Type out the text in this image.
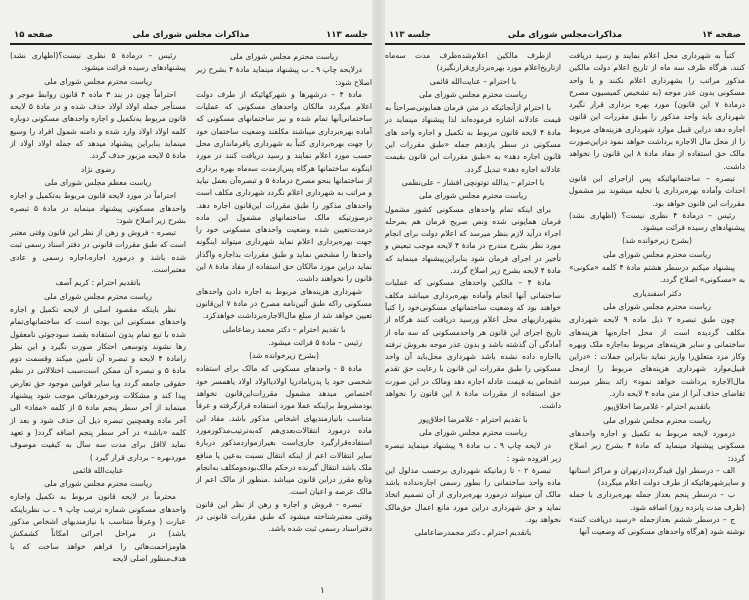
جلسه ۱۱۳
مذاکرات مجلس شورای ملی
صفحه ۱۵

ریاست محترم مجلس شورای ملی

درلایحه چاپ ۹ ـ ب پیشنهاد مینماید مادهٔ ۴ بشرح زیر اصلاح شود:

مادهٔ ۴ – درشهرها و شهرکهائیکه از طرف دولت اعلام میگردد مالکان واحدهای مسکونی که عملیات ساختمانی‌آنها تمام شده و نیز ساختمانهای مسکونی که آماده بهره‌برداری میباشند مکلفند وضعیت ساختمان خود را جهت بهره‌برداری کتباً به شهرداری یافرمانداری محل حسب مورد اعلام نمایند و رسید دریافت کنند در مورد اینگونه ساختمانها هرگاه پس‌ازمدت سه‌ماه بهره برداری از ساختمانها بنحو مصرح درمادهٔ ۵ و تبصره‌آن بعمل نیاید و مراتب به شهرداری اعلام نگردد شهرداری مکلف است واحدهای مذکور را طبق مقررات این‌قانون اجاره دهد. درصورتیکه مالک ساختمانهای مشمول این ماده درمدت‌تعیین شده وضعیت واحدهای مسکونی خود را جهت بهره‌برداری اعلام نماید شهرداری میتواند اینگونه واحدها را مشخص نماید و طبق مقررات بداجاره واگذار نماید دراین مورد مالکان حق استفاده از مفاد مادهٔ ۸ این قانون را نخواهند داشت.

شهرداری هزینه‌های مربوط به اجاره دادن واحدهای مسکونی راکه طبق آئین‌نامه مصرح در مادهٔ ۷ این‌قانون تعیین خواهد شد از مبلغ مال‌الاجاره‌برداشت خواهدکرد.

با تقدیم احترام – دکتر محمد رضاعاملی

رئیس – مادهٔ ۵ قرائت میشود.

(بشرح زیرخوانده شد)

مادهٔ ۵ - واحدهای مسکونی که مالک برای استفاده شخصی خود یا پدریامادریا اولادیااولاد اولاد یاهمسر خود اختصاص میدهد مشمول مقررات‌این‌قانون نخواهد بودمشروط براینکه عملا مورد استفاده قرارگرفته و عرفاً متناسب بانیازمندیهای اشخاص مذکور باشد. مفاد این ماده درمورد انتقالات‌بعدی‌هم که‌به‌ترتیب‌مذکورمورد استفاده‌قرارگیرد جاری‌است بغیرازمواردمذکور دربارهٔ سایر انتقالات اعم از اینکه انتقال نسبت به‌عین یا منافع ملک باشد انتقال گیرنده درحکم مالک‌بوده‌ومکلف به‌انجام وتابع مقرر دراین قانون میباشد .منظور از مالک اعم از مالک عرصه و اعیان است.

تبصره - فروش و اجاره و رهن از نظر این قانون وقتی معتبرشناخته میشود که طبق مقررات قانونی در دفتراسناد رسمی ثبت شده باشد.

رئیس – درمادهٔ ۵ نظری نیست؟(اظهاری نشد) پیشنهادهای رسیده قرائت میشود.

ریاست محترم مجلس شورای ملی

احتراماً چون در بند ۳ ماده ۴ قانون روابط موجر و مستأجر جمله اولاد اولاد حذف شده و در مادهٔ ۵ لایحه قانون مربوط به‌تکمیل و اجاره واحدهای مسکونی دوباره کلمه اولاد اولاد وارد شده و دامنه شمول افراد را وسیع مینماید بنابراین پیشنهاد میدهد که جمله اولاد اولاد از مادهٔ ۵ لایحه مزبور حذف گردد.

رضوی نژاد

ریاست معظم مجلس شورای ملی

احتراماً در مورد لایحه قانون مربوط به‌تکمیل و اجاره واحدهای مسکونی پیشنهاد مینماید در مادهٔ ۵ تبصره بشرح زیر اصلاح شود:

تبصره - فروش و رهن از نظر این قانون وقتی معتبر است که طبق مقررات قانونی در دفتر اسناد رسمی ثبت شده باشد و درمورد اجاره،اجاره رسمی و عادی معتبراست.

باتقدیم احترام : کریم آصف

ریاست محترم مجلس شورای ملی

نظر باینکه مقصود اصلی از لایحه تکمیل و اجاره واحدهای مسکونی این بوده است که ساختمانهای‌تمام شده با تبع تمام بدون استفاده بقصد سودجوئی نامعقول رها نشوند وتوسعی احتکار صورت نگیرد و این نظر رامادهٔ ۴ لایحه و تبصره آن تأمین میکند وقسمت دوم مادهٔ ۵ و تبصره آن ممکن است‌سبب اختلالاتی در نظم حقوقی جامعه گردد ویا سایر قوانین موجود حق تعارض پیدا کند و مشکلات وبرخوردهائی موجب شود پیشنهاد مینماید از آخر سطر پنجم مادهٔ ۵ از کلمه «مفاد» الی آخر ماده وهمچنین تبصره ذیل آن حذف شود و بعد از کلمه «باشد» در آخر سطر پنجم اضافه گردد( و تعهد نماید لااقل برای مدت سه سال به کیفیت موصوف موردبهره – برداری قرار گیرد )

عنایت‌الله قائمی

ریاست محترم مجلس شورای ملی

محترماً در لایحه قانون مربوط به تکمیل واجاره واحدهای مسکونی شماره ترتیب چاپ ۹ ـ ب نظرباینکه عبارت ( وعرفاً متناسب با نیازمندیهای اشخاص مذکور باشد) در مراحل اجرائی امکاناً کشمکش هاومزاحمت‌هائی را فراهم خواهد ساخت که با هدف‌منظور اصلی لایحه

۱
صفحه ۱۴
مذاکرات‌مجلس شورای ملی
جلسه ۱۱۳

کتباً به شهرداری محل اعلام نمایند و رسید دریافت کنند، هرگاه ظرف سه ماه از تاریخ اعلام دولت مالکین مذکور مراتب را بشهرداری اعلام نکنند و یا واحد مسکونی بدون عذر موجه (به تشخیص کمیسیون مصرح درمادهٔ ۷ این قانون) مورد بهره برداری قرار نگیرد شهرداری باید واحد مذکور را طبق مقررات این قانون اجاره دهد دراین قبیل موارد شهرداری هزینه‌های مربوط را از محل مال الاجاره برداشت خواهد نمود دراین‌صورت مالک حق استفاده از مفاد مادهٔ ۸ این قانون را نخواهد داشت.

تبصره – ساختمانهائیکه پس ازاجرای این قانون احداث وآماده بهره‌برداری یا تخلیه میشوند نیز مشمول مقررات این قانون خواهد بود.

رئیس – درمادهٔ ۴ نظری نیست؟ (اظهاری نشد) پیشنهادهای رسیده قرائت میشود.

(بشرح زیرخوانده شد)

ریاست محترم مجلس شورای ملی

پیشنهاد میکنم درسطر هشتم مادهٔ ۴ کلمه «مکونی» به «مسکونی» اصلاح گردد.

دکتر اسفندیاری

ریاست محترم مجلس شورای ملی

چون طبق تبصره ۲ ذیل ماده ۹ لایحه شهرداری مکلف گردیده است از محل اجاره‌بها هزینه‌های ساختمانی و سایر هزینه‌های مربوط به‌اجاره ملک وبهره وکار مزد متعلق‌را واریز نماید بنابراین جملات : «دراین قبیل‌موارد شهرداری هزینه‌های مربوط را ازمحل مال‌الاجاره برداشت خواهد نمود» زائد بنظر میرسد تقاضای حذف آنرا از متن ماده ۴ لایحه دارد.

باتقدیم احترام - غلامرضا اخلاق‌پور

ریاست محترم مجلس شورای ملی

درمورد لایحه مربوط به تکمیل و اجاره واحدهای مسکونی پیشنهاد مینماید که مادهٔ ۴ بشرح زیر اصلاح گردد:

الف – درسطر اول قیدگردد(درتهران و مراکز استانها و سایرشهرهائیکه از طرف دولت اعلام میگردد)

ب – درسطر پنجم بعداز جمله بهره‌برداری با جمله (ظرف مدت پانزده روز) اضافه شود.

ج – درسطر ششم بعدازجمله «رسید دریافت کنند» نوشته شود (هرگاه واحدهای مسکونی که وضعیت آنها

ازطرف مالکین اعلام‌شده‌ظرف مدت سه‌ماه ازتاریخ‌اعلام مورد بهره‌برداری‌قرارنگیرد)

با احترام – عنایت‌الله قائمی

ریاست محترم مجلس شورای ملی

با احترام ازآنجائیکه در متن فرمان همایونی‌صراحتاً به قیمت عادلانه اشاره فرموده‌اند لذا پیشنهاد مینماید در مادهٔ ۴ لایحه قانون مربوط به تکمیل و اجاره واحد های مسکونی در سطر یازدهم جمله «طبق مقررات این قانون اجاره دهد» به «طبق مقررات این قانون بقیمت عادلانه اجاره دهد» تبدیل گردد.

با احترام – یدالله توتونچی افشار – علی‌نظمی

ریاست محترم مجلس شورای ملی

برای اینکه تمام واحدهای مسکونی کشور مشمول فرمان همایونی شده ونص صریح فرمان هم بمرحله اجراء درآید لازم بنظر میرسد که اعلام دولت برای انجام مورد نظر بشرح مندرج در مادهٔ ۴ لایحه موجب تبعیض و تأخیر در اجرای فرمان شود بنابراین‌پیشنهاد مینماید که مادهٔ ۴ لایحه بشرح زیر اصلاح گردد.

مادهٔ ۴ – مالکین واحدهای مسکونی که عملیات ساختمانی آنها انجام وآماده بهره‌برداری میباشد مکلف خواهند بود که وضعیت ساختمانهای مسکونی‌خود را کتباً بشهرداریهای محل اعلام ورسید دریافت کنند هرگاه از تاریخ اجرای این قانون هر واحدمسکونی که سه ماه از آمادگی آن گذشته باشد و بدون عذر موجه بفروش نرفته یااجاره داده نشده باشد شهرداری محل‌باید آن واحد مسکونی را طبق مقررات این قانون با رعایت حق تقدم اشخاص به قیمت عادله اجاره دهد ومالک در این صورت حق استفاده از مقررات مادهٔ ۸ این قانون را نخواهد داشت.

با تقدیم احترام - غلامرضا اخلاق‌پور

ریاست محترم مجلس شورای ملی

در لایحه چاپ ۹ ـ ب مادهٔ ۹ پیشنهاد مینماید تبصره زیر افزوده شود :

تبصرهٔ ۲ - تا زمانیکه شهرداری برحسب مدلول این ماده واحد ساختمانی را بطور رسمی اجاره‌نداده باشد مالک آن میتواند درمورد بهره‌برداری از آن تصمیم اتخاذ نماید و حق شهرداری دراین مورد مانع اعمال حق‌مالک نخواهد بود.

باتقدیم احترام ـ دکتر محمدرضاعاملی
